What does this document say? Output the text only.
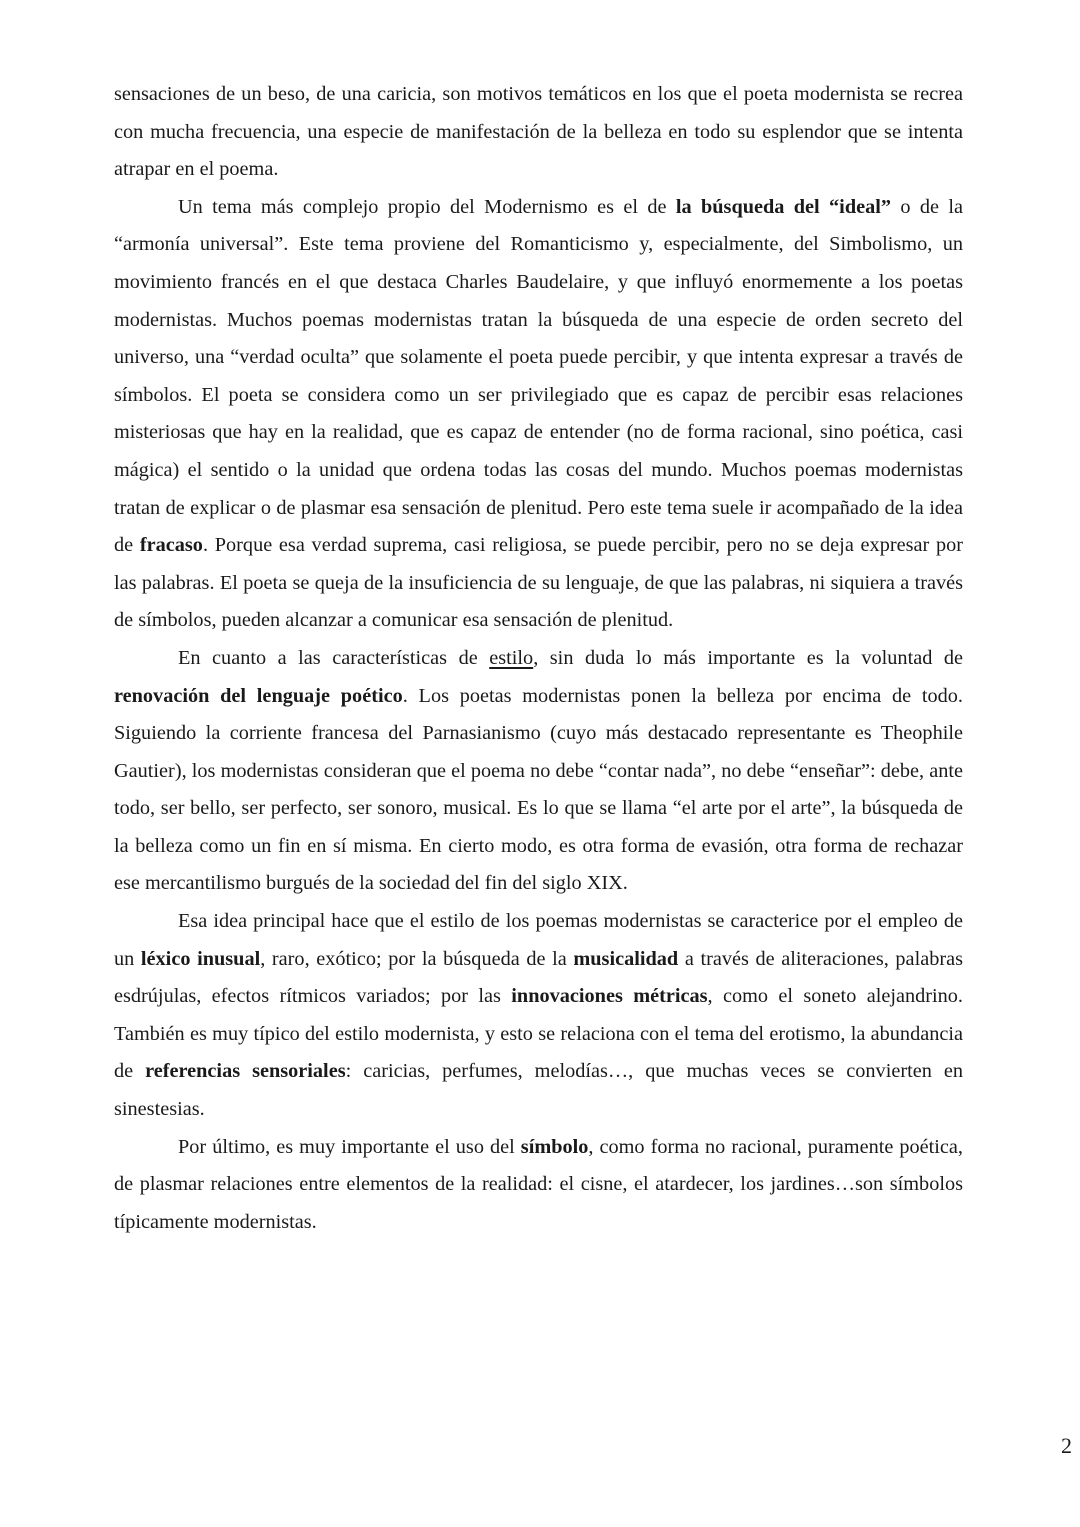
sensaciones de un beso, de una caricia, son motivos temáticos en los que el poeta modernista se recrea con mucha frecuencia, una especie de manifestación de la belleza en todo su esplendor que se intenta atrapar en el poema.

Un tema más complejo propio del Modernismo es el de la búsqueda del “ideal” o de la “armonía universal”. Este tema proviene del Romanticismo y, especialmente, del Simbolismo, un movimiento francés en el que destaca Charles Baudelaire, y que influyó enormemente a los poetas modernistas. Muchos poemas modernistas tratan la búsqueda de una especie de orden secreto del universo, una “verdad oculta” que solamente el poeta puede percibir, y que intenta expresar a través de símbolos. El poeta se considera como un ser privilegiado que es capaz de percibir esas relaciones misteriosas que hay en la realidad, que es capaz de entender (no de forma racional, sino poética, casi mágica) el sentido o la unidad que ordena todas las cosas del mundo. Muchos poemas modernistas tratan de explicar o de plasmar esa sensación de plenitud. Pero este tema suele ir acompañado de la idea de fracaso. Porque esa verdad suprema, casi religiosa, se puede percibir, pero no se deja expresar por las palabras. El poeta se queja de la insuficiencia de su lenguaje, de que las palabras, ni siquiera a través de símbolos, pueden alcanzar a comunicar esa sensación de plenitud.

En cuanto a las características de estilo, sin duda lo más importante es la voluntad de renovación del lenguaje poético. Los poetas modernistas ponen la belleza por encima de todo. Siguiendo la corriente francesa del Parnasianismo (cuyo más destacado representante es Theophile Gautier), los modernistas consideran que el poema no debe “contar nada”, no debe “enseñar”: debe, ante todo, ser bello, ser perfecto, ser sonoro, musical. Es lo que se llama “el arte por el arte”, la búsqueda de la belleza como un fin en sí misma. En cierto modo, es otra forma de evasión, otra forma de rechazar ese mercantilismo burgués de la sociedad del fin del siglo XIX.

Esa idea principal hace que el estilo de los poemas modernistas se caracterice por el empleo de un léxico inusual, raro, exótico; por la búsqueda de la musicalidad a través de aliteraciones, palabras esdrújulas, efectos rítmicos variados; por las innovaciones métricas, como el soneto alejandrino. También es muy típico del estilo modernista, y esto se relaciona con el tema del erotismo, la abundancia de referencias sensoriales: caricias, perfumes, melodías…, que muchas veces se convierten en sinestesias.

Por último, es muy importante el uso del símbolo, como forma no racional, puramente poética, de plasmar relaciones entre elementos de la realidad: el cisne, el atardecer, los jardines…son símbolos típicamente modernistas.

2
